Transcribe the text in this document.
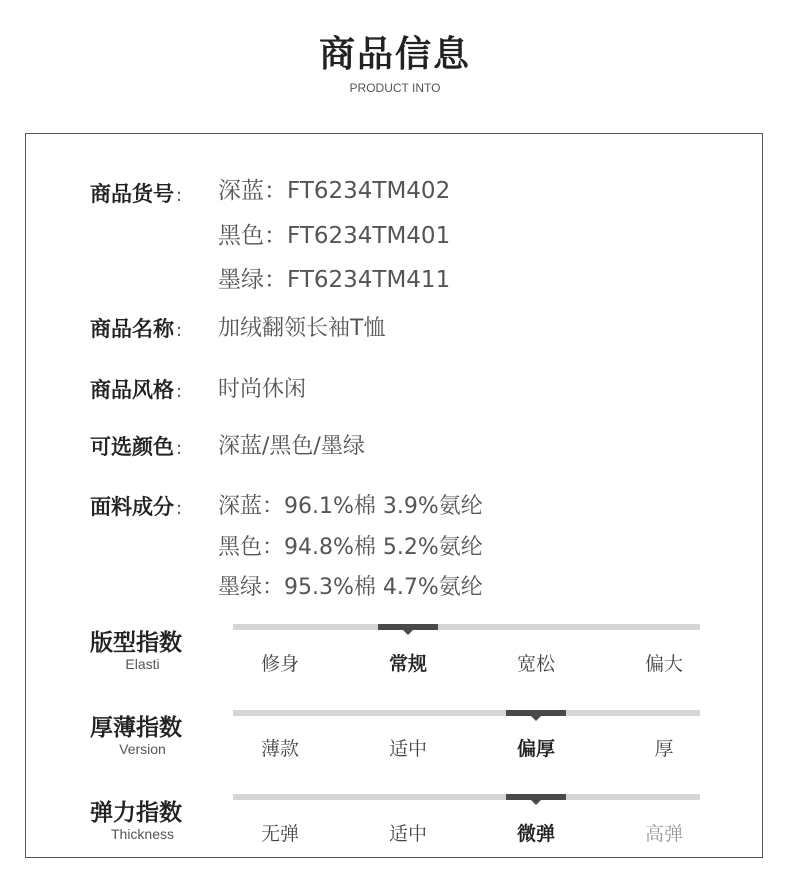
商品信息
PRODUCT INTO
商品货号 : 深蓝：FT6234TM402
黑色：FT6234TM401
墨绿：FT6234TM411
商品名称 : 加绒翻领长袖T恤
商品风格 : 时尚休闲
可选颜色 : 深蓝/黑色/墨绿
面料成分 : 深蓝：96.1%棉 3.9%氨纶
黑色：94.8%棉 5.2%氨纶
墨绿：95.3%棉 4.7%氨纶
版型指数
Elasti	修身	常规	宽松	偏大
厚薄指数
Version	薄款	适中	偏厚	厚
弹力指数
Thickness	无弹	适中	微弹	高弹
